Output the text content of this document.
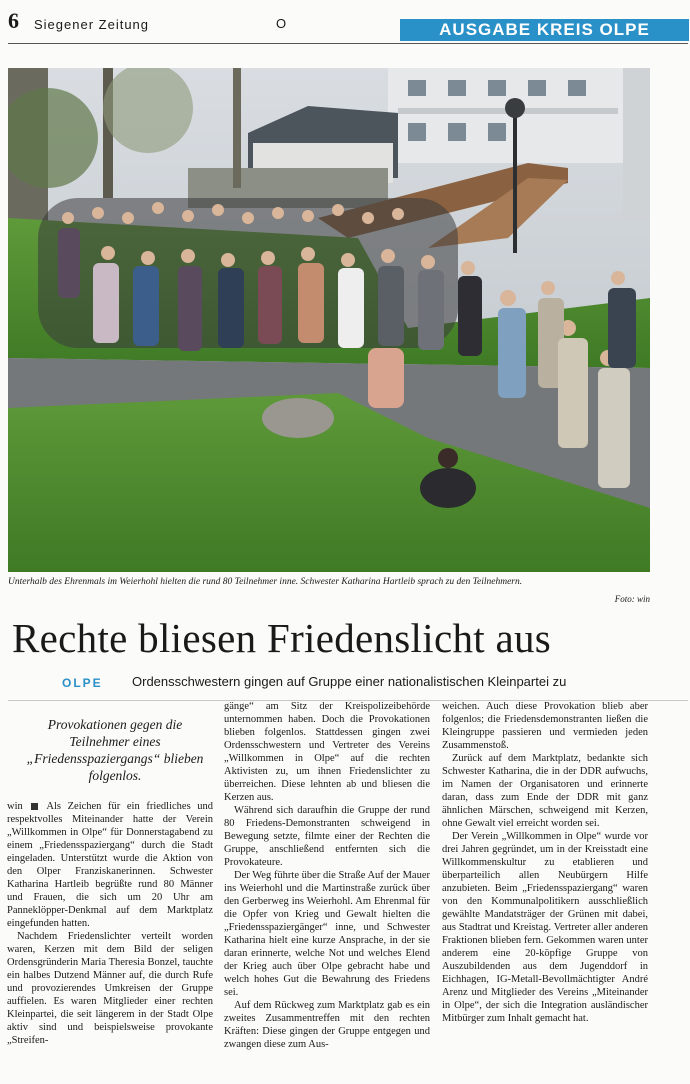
6 Siegener Zeitung	O	AUSGABE KREIS OLPE
Unterhalb des Ehrenmals im Weierhohl hielten die rund 80 Teilnehmer inne. Schwester Katharina Hartleib sprach zu den Teilnehmern.
Foto: win
Rechte bliesen Friedenslicht aus
OLPE Ordensschwestern gingen auf Gruppe einer nationalistischen Kleinpartei zu
Provokationen gegen die Teilnehmer eines „Friedensspaziergangs“ blieben folgenlos.

win Als Zeichen für ein friedliches und respektvolles Miteinander hatte der Verein „Willkommen in Olpe“ für Donnerstagabend zu einem „Friedensspaziergang“ durch die Stadt eingeladen. Unterstützt wurde die Aktion von den Olper Franziskanerinnen. Schwester Katharina Hartleib begrüßte rund 80 Männer und Frauen, die sich um 20 Uhr am Panneklöpper-Denkmal auf dem Marktplatz eingefunden hatten.

Nachdem Friedenslichter verteilt worden waren, Kerzen mit dem Bild der seligen Ordensgründerin Maria Theresia Bonzel, tauchte ein halbes Dutzend Männer auf, die durch Rufe und provozierendes Umkreisen der Gruppe auffielen. Es waren Mitglieder einer rechten Kleinpartei, die seit längerem in der Stadt Olpe aktiv sind und beispielsweise provokante „Streifen-

gänge“ am Sitz der Kreispolizeibehörde unternommen haben. Doch die Provokationen blieben folgenlos. Stattdessen gingen zwei Ordensschwestern und Vertreter des Vereins „Willkommen in Olpe“ auf die rechten Aktivisten zu, um ihnen Friedenslichter zu überreichen. Diese lehnten ab und bliesen die Kerzen aus.

Während sich daraufhin die Gruppe der rund 80 Friedens-Demonstranten schweigend in Bewegung setzte, filmte einer der Rechten die Gruppe, anschließend entfernten sich die Provokateure.

Der Weg führte über die Straße Auf der Mauer ins Weierhohl und die Martinstraße zurück über den Gerberweg ins Weierhohl. Am Ehrenmal für die Opfer von Krieg und Gewalt hielten die „Friedensspaziergänger“ inne, und Schwester Katharina hielt eine kurze Ansprache, in der sie daran erinnerte, welche Not und welches Elend der Krieg auch über Olpe gebracht habe und welch hohes Gut die Bewahrung des Friedens sei.

Auf dem Rückweg zum Marktplatz gab es ein zweites Zusammentreffen mit den rechten Kräften: Diese gingen der Gruppe entgegen und zwangen diese zum Aus-

weichen. Auch diese Provokation blieb aber folgenlos; die Friedensdemonstranten ließen die Kleingruppe passieren und vermieden jeden Zusammenstoß.

Zurück auf dem Marktplatz, bedankte sich Schwester Katharina, die in der DDR aufwuchs, im Namen der Organisatoren und erinnerte daran, dass zum Ende der DDR mit ganz ähnlichen Märschen, schweigend mit Kerzen, ohne Gewalt viel erreicht worden sei.

Der Verein „Willkommen in Olpe“ wurde vor drei Jahren gegründet, um in der Kreisstadt eine Willkommenskultur zu etablieren und überparteilich allen Neubürgern Hilfe anzubieten. Beim „Friedensspaziergang“ waren von den Kommunalpolitikern ausschließlich gewählte Mandatsträger der Grünen mit dabei, aus Stadtrat und Kreistag. Vertreter aller anderen Fraktionen blieben fern. Gekommen waren unter anderem eine 20-köpfige Gruppe von Auszubildenden aus dem Jugenddorf in Eichhagen, IG-Metall-Bevollmächtigter André Arenz und Mitglieder des Vereins „Miteinander in Olpe“, der sich die Integration ausländischer Mitbürger zum Inhalt gemacht hat.
